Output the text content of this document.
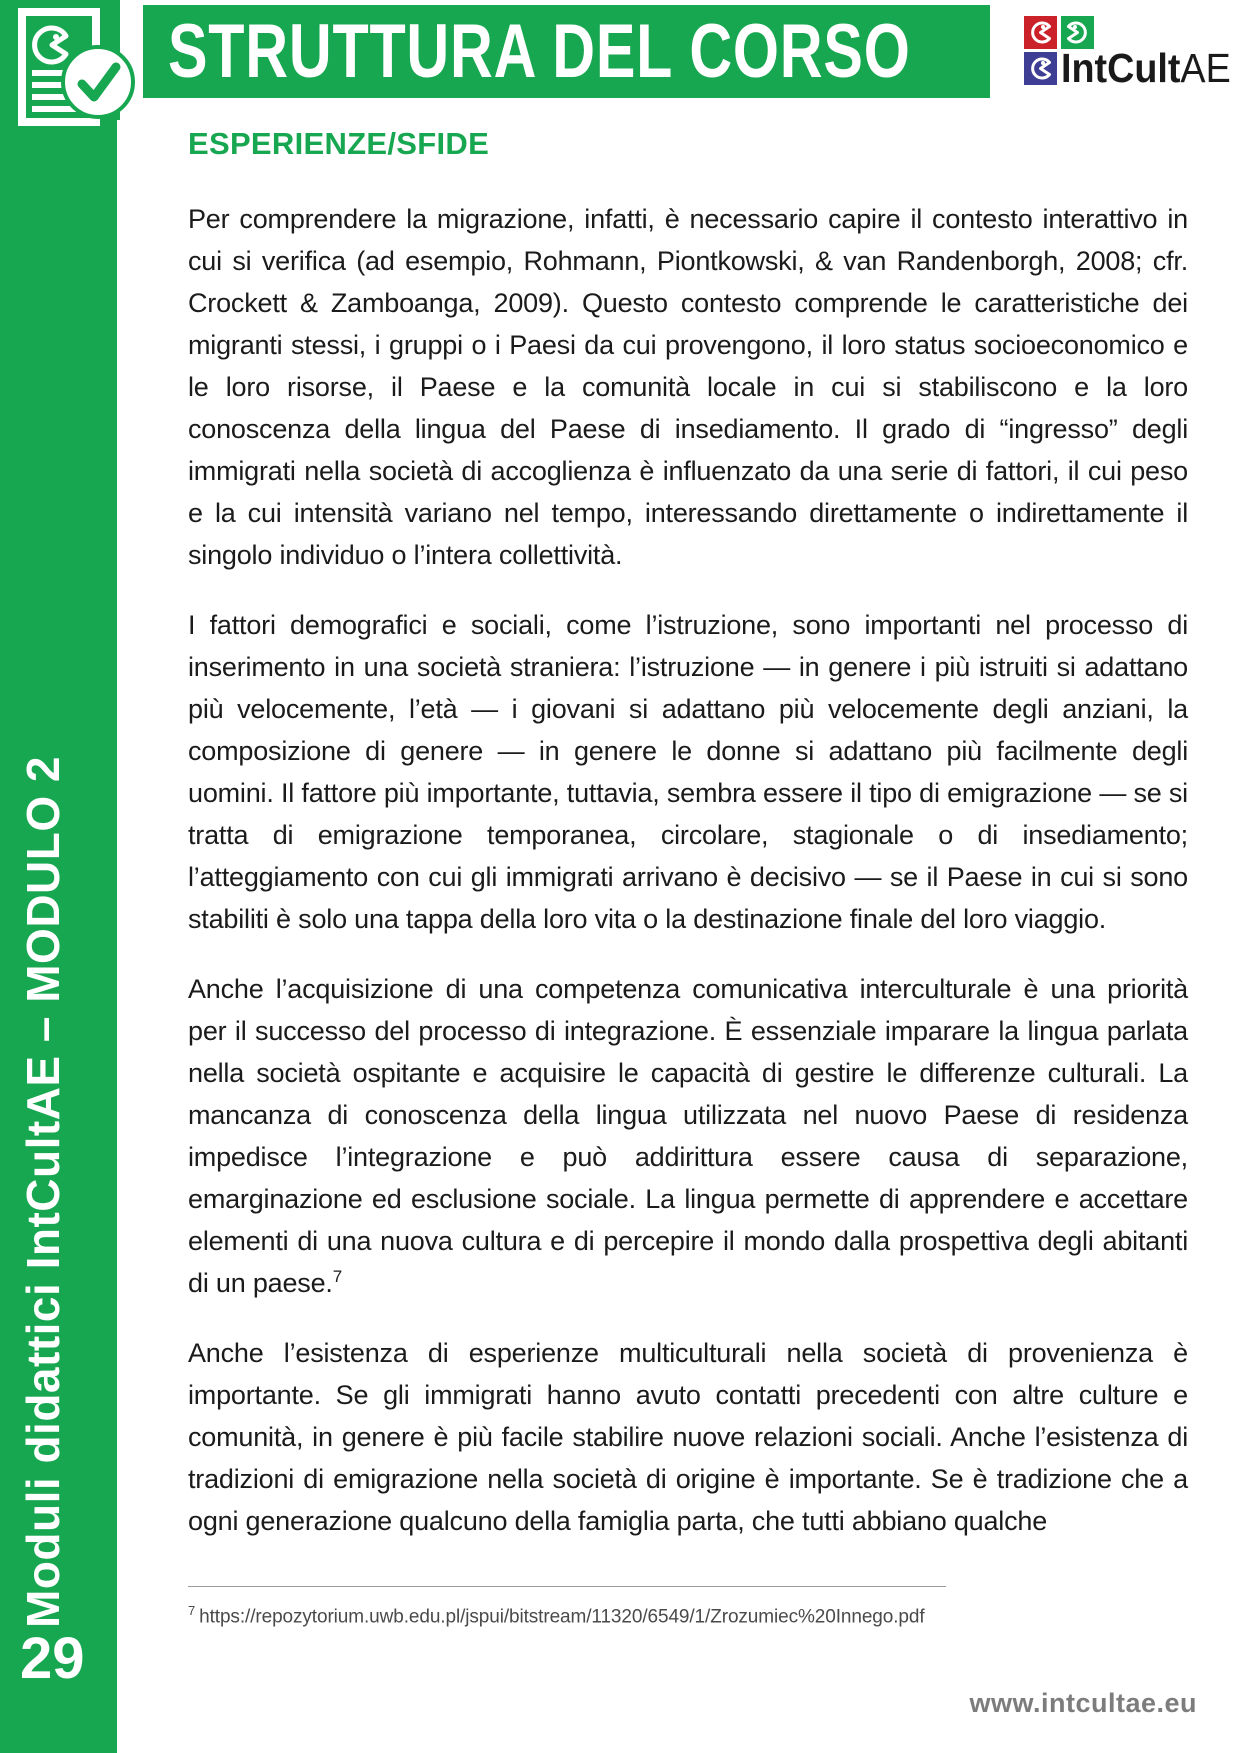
Moduli didattici IntCultAE – MODULO 2
29
STRUTTURA DEL CORSO	IntCultAE
ESPERIENZE/SFIDE

Per comprendere la migrazione, infatti, è necessario capire il contesto interattivo in cui si verifica (ad esempio, Rohmann, Piontkowski, & van Randenborgh, 2008; cfr. Crockett & Zamboanga, 2009). Questo contesto comprende le caratteristiche dei migranti stessi, i gruppi o i Paesi da cui provengono, il loro status socioeconomico e le loro risorse, il Paese e la comunità locale in cui si stabiliscono e la loro conoscenza della lingua del Paese di insediamento. Il grado di “ingresso” degli immigrati nella società di accoglienza è influenzato da una serie di fattori, il cui peso e la cui intensità variano nel tempo, interessando direttamente o indirettamente il singolo individuo o l’intera collettività.

I fattori demografici e sociali, come l’istruzione, sono importanti nel processo di inserimento in una società straniera: l’istruzione — in genere i più istruiti si adattano più velocemente, l’età — i giovani si adattano più velocemente degli anziani, la composizione di genere — in genere le donne si adattano più facilmente degli uomini. Il fattore più importante, tuttavia, sembra essere il tipo di emigrazione — se si tratta di emigrazione temporanea, circolare, stagionale o di insediamento; l’atteggiamento con cui gli immigrati arrivano è decisivo — se il Paese in cui si sono stabiliti è solo una tappa della loro vita o la destinazione finale del loro viaggio.

Anche l’acquisizione di una competenza comunicativa interculturale è una priorità per il successo del processo di integrazione. È essenziale imparare la lingua parlata nella società ospitante e acquisire le capacità di gestire le differenze culturali. La mancanza di conoscenza della lingua utilizzata nel nuovo Paese di residenza impedisce l’integrazione e può addirittura essere causa di separazione, emarginazione ed esclusione sociale. La lingua permette di apprendere e accettare elementi di una nuova cultura e di percepire il mondo dalla prospettiva degli abitanti di un paese.$^7$

Anche l’esistenza di esperienze multiculturali nella società di provenienza è importante. Se gli immigrati hanno avuto contatti precedenti con altre culture e comunità, in genere è più facile stabilire nuove relazioni sociali. Anche l’esistenza di tradizioni di emigrazione nella società di origine è importante. Se è tradizione che a ogni generazione qualcuno della famiglia parta, che tutti abbiano qualche

$^7$ https://repozytorium.uwb.edu.pl/jspui/bitstream/11320/6549/1/Zrozumiec%20Innego.pdf
www.intcultae.eu
